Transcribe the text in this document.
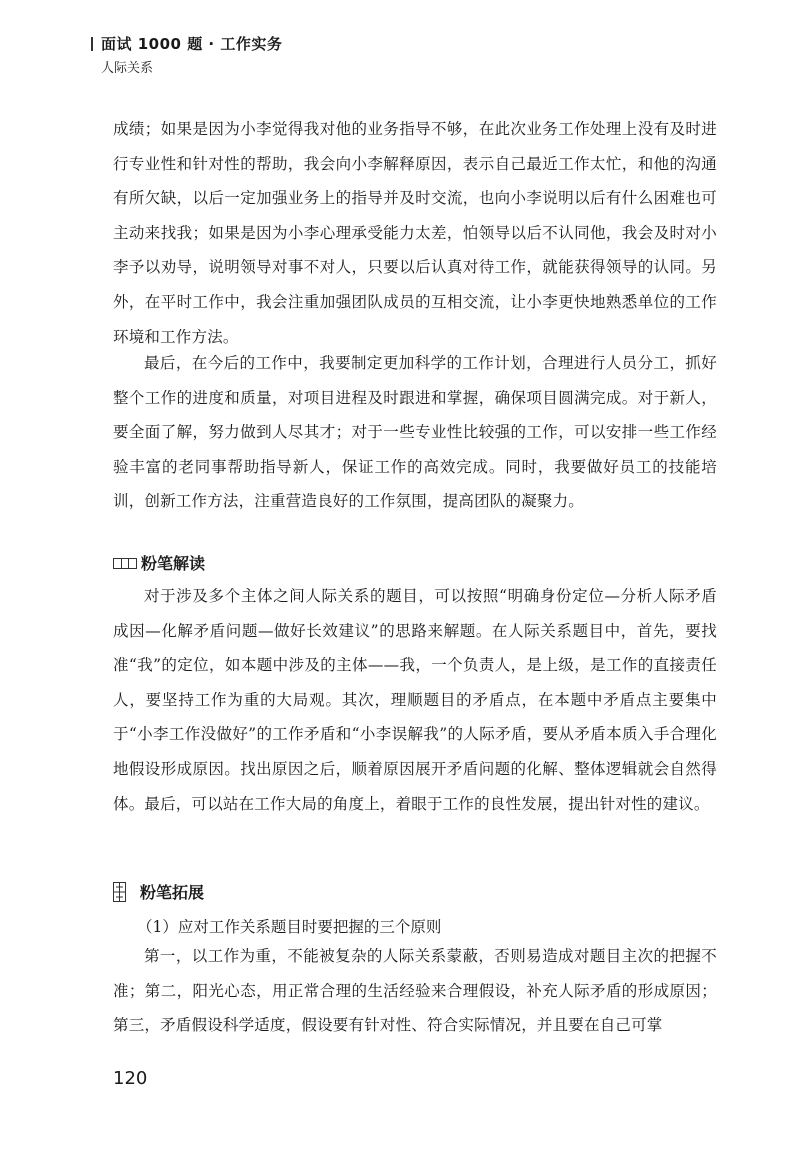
面试 1000 题 · 工作实务
人际关系
成绩；如果是因为小李觉得我对他的业务指导不够，在此次业务工作处理上没有及时进行专业性和针对性的帮助，我会向小李解释原因，表示自己最近工作太忙，和他的沟通有所欠缺，以后一定加强业务上的指导并及时交流，也向小李说明以后有什么困难也可主动来找我；如果是因为小李心理承受能力太差，怕领导以后不认同他，我会及时对小李予以劝导，说明领导对事不对人，只要以后认真对待工作，就能获得领导的认同。另外，在平时工作中，我会注重加强团队成员的互相交流，让小李更快地熟悉单位的工作环境和工作方法。
最后，在今后的工作中，我要制定更加科学的工作计划，合理进行人员分工，抓好整个工作的进度和质量，对项目进程及时跟进和掌握，确保项目圆满完成。对于新人，要全面了解，努力做到人尽其才；对于一些专业性比较强的工作，可以安排一些工作经验丰富的老同事帮助指导新人，保证工作的高效完成。同时，我要做好员工的技能培训，创新工作方法，注重营造良好的工作氛围，提高团队的凝聚力。
粉笔解读
对于涉及多个主体之间人际关系的题目，可以按照“明确身份定位—分析人际矛盾成因—化解矛盾问题—做好长效建议”的思路来解题。在人际关系题目中，首先，要找准“我”的定位，如本题中涉及的主体——我，一个负责人，是上级，是工作的直接责任人，要坚持工作为重的大局观。其次，理顺题目的矛盾点，在本题中矛盾点主要集中于“小李工作没做好”的工作矛盾和“小李误解我”的人际矛盾，要从矛盾本质入手合理化地假设形成原因。找出原因之后，顺着原因展开矛盾问题的化解、整体逻辑就会自然得体。最后，可以站在工作大局的角度上，着眼于工作的良性发展，提出针对性的建议。
粉笔拓展
（1）应对工作关系题目时要把握的三个原则
第一，以工作为重，不能被复杂的人际关系蒙蔽，否则易造成对题目主次的把握不准；第二，阳光心态，用正常合理的生活经验来合理假设，补充人际矛盾的形成原因；第三，矛盾假设科学适度，假设要有针对性、符合实际情况，并且要在自己可掌
120
